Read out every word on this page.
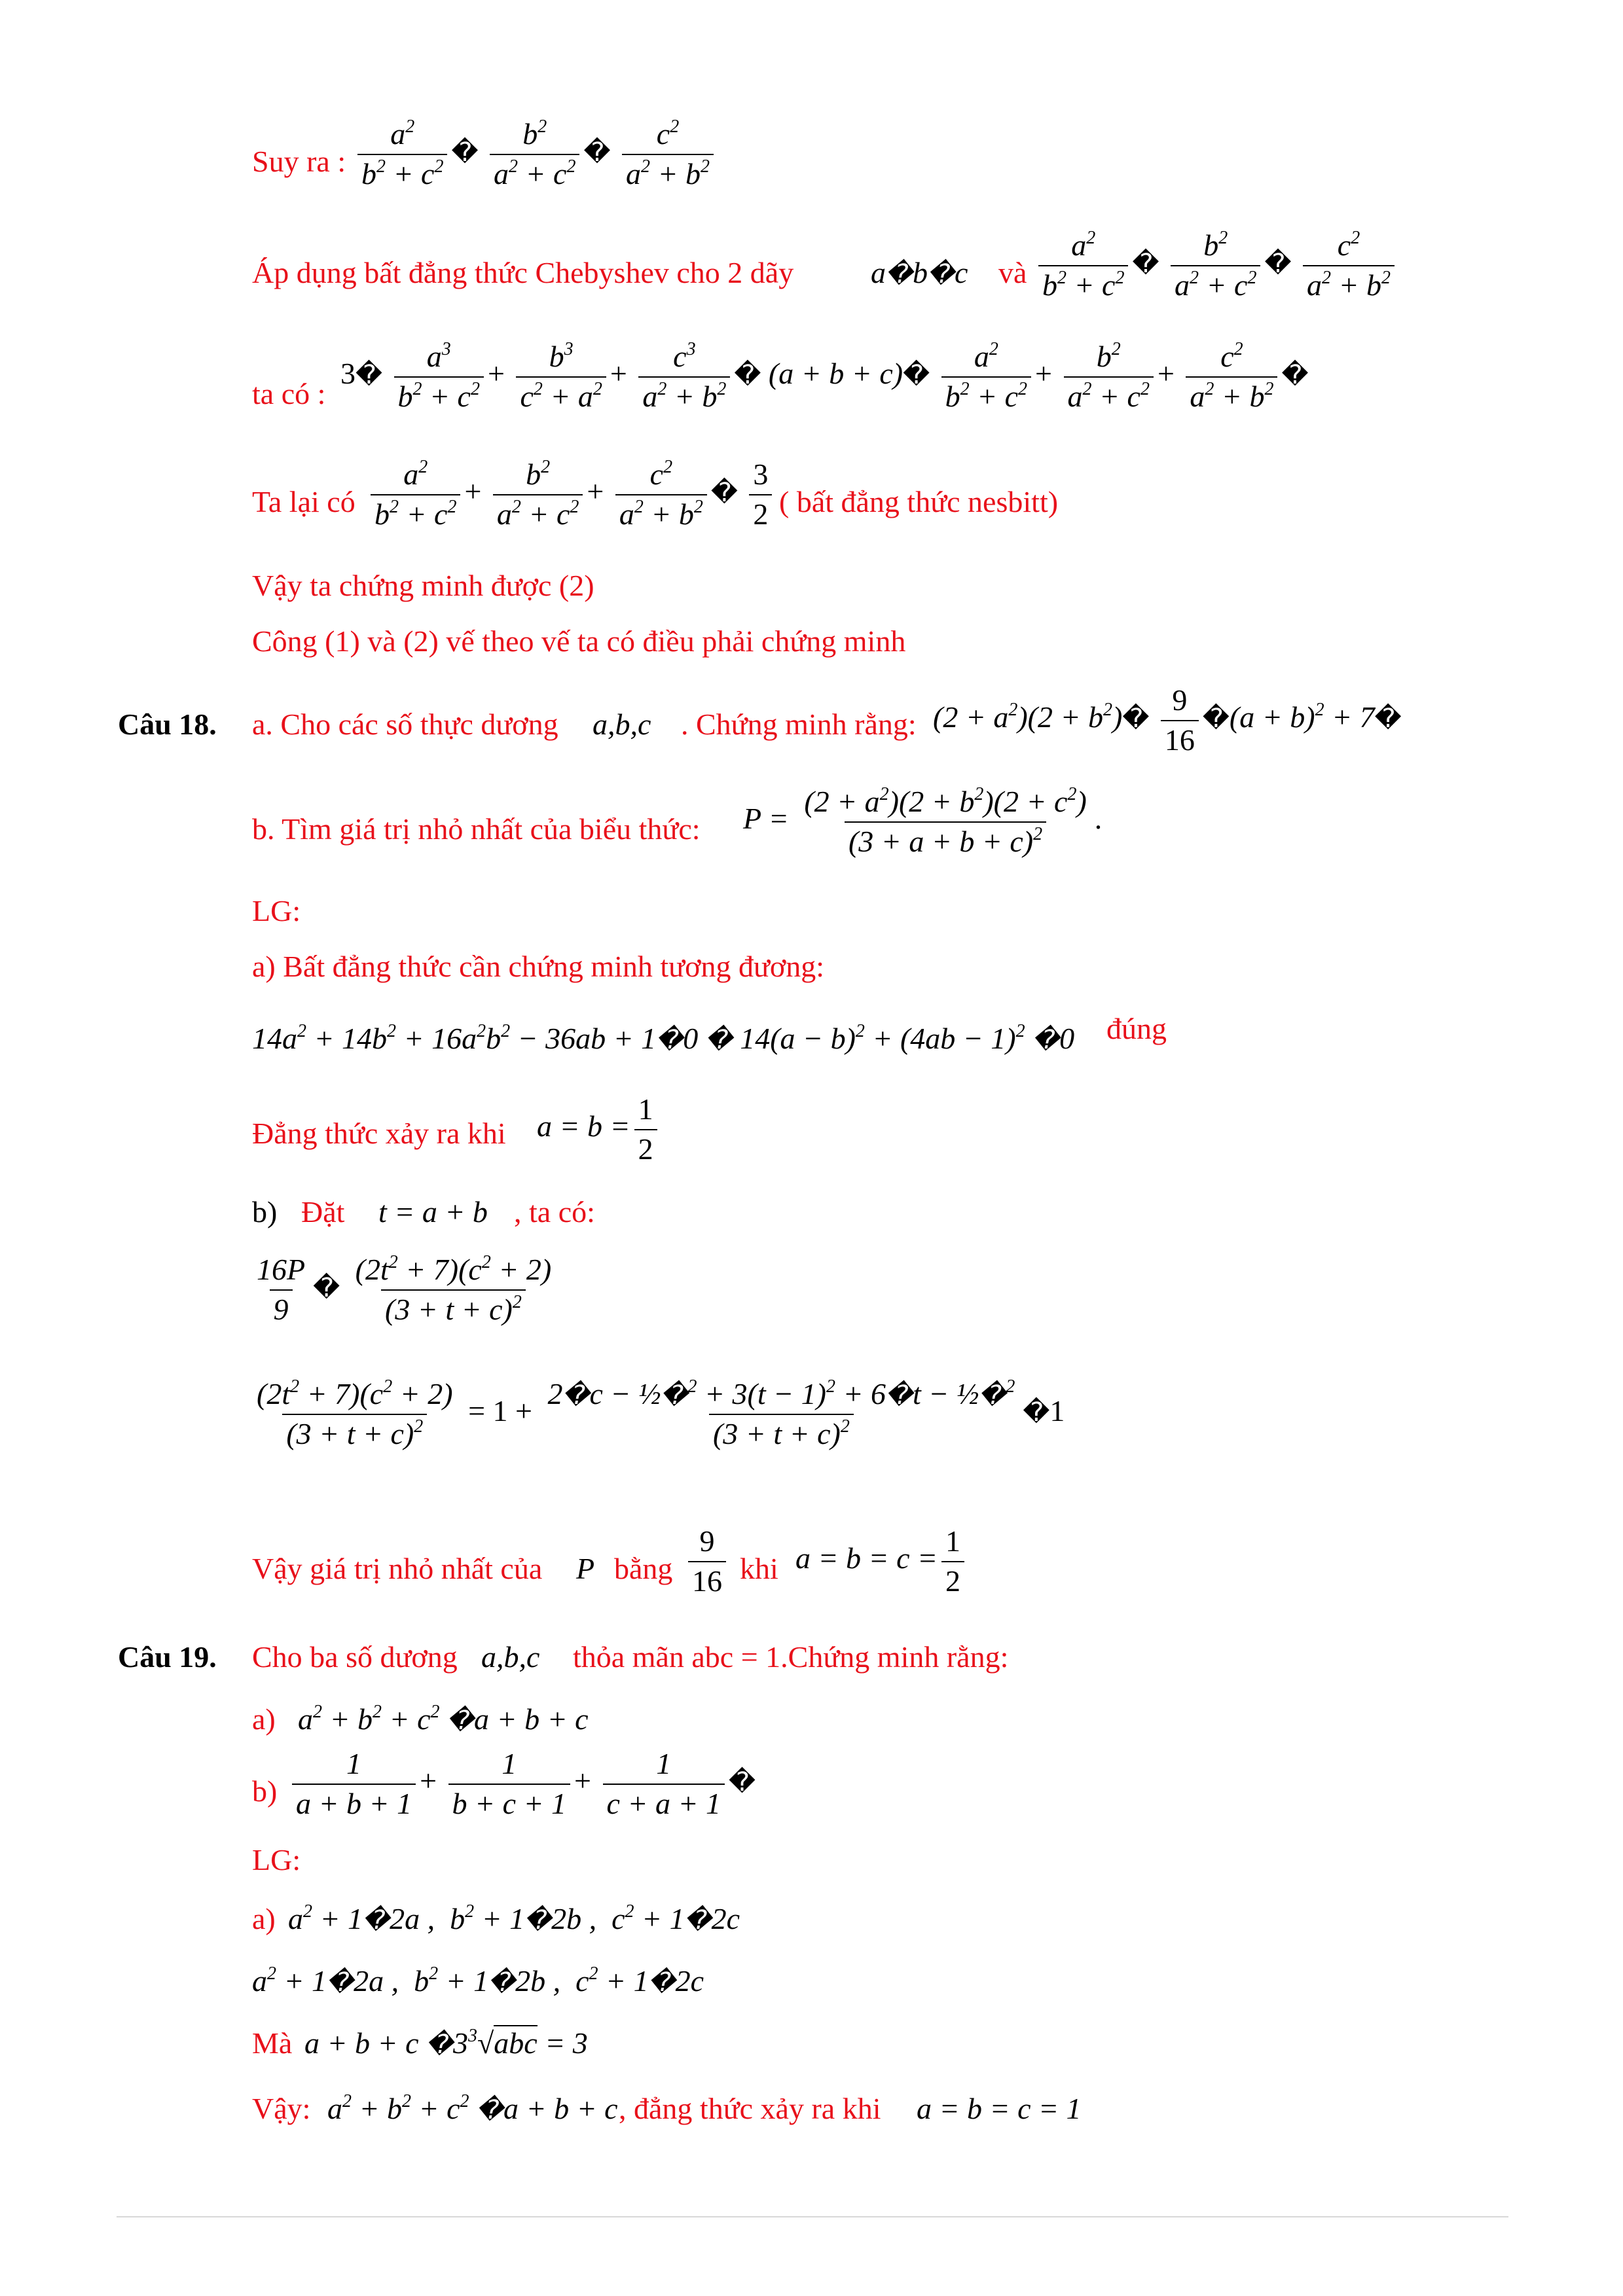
Suy ra : $\frac{a^2}{b^2 + c^2}$ � $\frac{b^2}{a^2 + c^2}$ � $\frac{c^2}{a^2 + b^2}$
Áp dụng bất đẳng thức Chebyshev cho 2 dãy	a�b�c và $\frac{a^2}{b^2 + c^2}$ � $\frac{b^2}{a^2 + c^2}$ � $\frac{c^2}{a^2 + b^2}$
ta có :
3� $\frac{a^3}{b^2 + c^2} + \frac{b^3}{c^2 + a^2} + \frac{c^3}{a^2 + b^2}$ � (a + b + c)� $\frac{a^2}{b^2 + c^2} + \frac{b^2}{a^2 + c^2} + \frac{c^2}{a^2 + b^2}$ �
Ta lại có $\frac{a^2}{b^2 + c^2} + \frac{b^2}{a^2 + c^2} + \frac{c^2}{a^2 + b^2}$ � $\frac{3}{2}$ ( bất đẳng thức nesbitt)
Vậy ta chứng minh được (2)
Công (1) và (2) vế theo vế ta có điều phải chứng minh
Câu 18. a. Cho các số thực dương a,b,c . Chứng minh rằng: $(2 + a^2)(2$ + $b^2)� \frac{9}{16}$ �(a + b)$^2$ + 7�
b. Tìm giá trị nhỏ nhất của biểu thức: $P = \frac{(2 + a^2)(2 + b^2)(2 + c^2)}{(3 + a + b + c)^2}$ .
LG:
a) Bất đẳng thức cần chứng minh tương đương:
$14a^2 + 14b^2 + 16a^2b^2 - 36ab$ + 1�0 � $14(a - b)^2 + (4ab - 1)^2$ �0 đúng
Đẳng thức xảy ra khi $a = b = \frac{1}{2}$
b) Đặt t = a + b , ta có:
$\frac{16P}{9}$ � $\frac{(2t^2 + 7)(c^2 + 2)}{(3 + t + c)^2}$
$\frac{(2t^2 + 7)(c^2 + 2)}{(3 + t + c)^2} = 1 + \frac{2�c - \frac{1}{2}�^2 + 3(t - 1)^2 + 6�t - \frac{1}{2}�^2}{(3 + t + c)^2}$ �1
Vậy giá trị nhỏ nhất của P bằng $\frac{9}{16}$ khi $a = b = c = \frac{1}{2}$
Câu 19. Cho ba số dương a,b,c thỏa mãn abc = 1.Chứng minh rằng:
a) $a^2 + b^2 + c^2$ �a + b + c
$b) \frac{1}{a + b + 1} + \frac{1}{b + c + 1} + \frac{1}{c + a + 1}$ �
LG:
a) $a^2$ + 1�2a ,  $b^2$ + 1�2b ,  $c^2$ + 1�2c
$a^2$ + 1�2a ,  $b^2$ + 1�2b ,  $c^2$ + 1�2c
Mà a + b + c $�3^3√abc = 3$
Vậy: $a^2 + b^2 + c^2$ �a + b + c , đẳng thức xảy ra khi a = b = c = 1
